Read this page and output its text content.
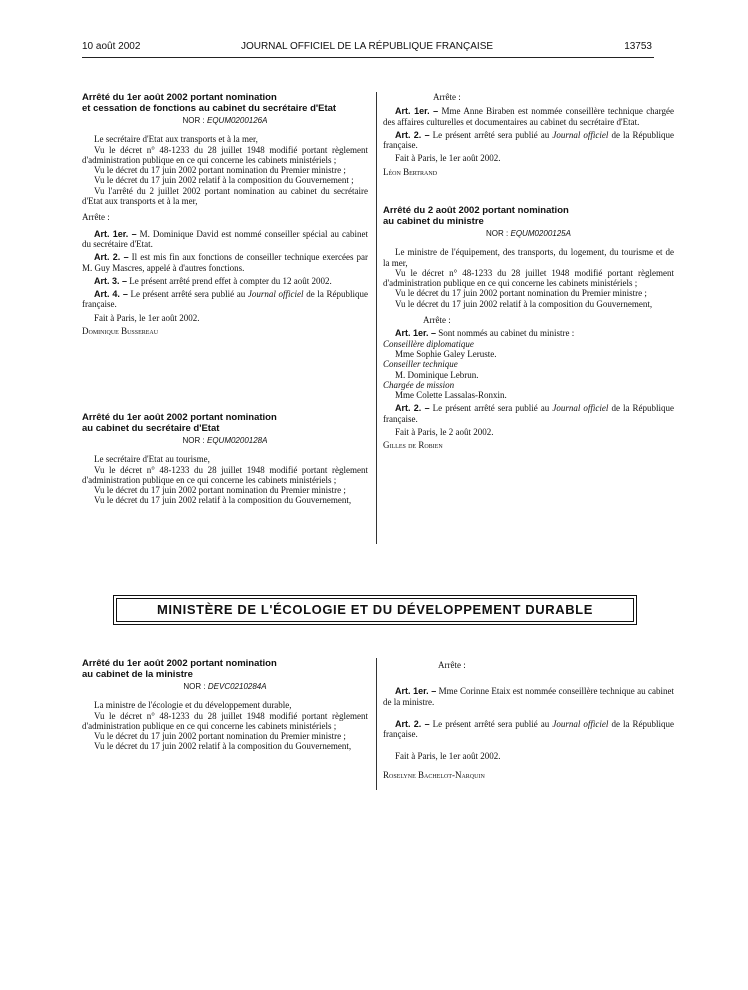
10 août 2002	JOURNAL OFFICIEL DE LA RÉPUBLIQUE FRANÇAISE	13753

Arrêté du 1er août 2002 portant nomination

et cessation de fonctions au cabinet du secrétaire d'Etat

NOR : EQUM0200126A

Le secrétaire d'Etat aux transports et à la mer,

Vu le décret n° 48-1233 du 28 juillet 1948 modifié portant règlement d'administration publique en ce qui concerne les cabinets ministériels ;

Vu le décret du 17 juin 2002 portant nomination du Premier ministre ;

Vu le décret du 17 juin 2002 relatif à la composition du Gouvernement ;

Vu l'arrêté du 2 juillet 2002 portant nomination au cabinet du secrétaire d'Etat aux transports et à la mer,

Arrête :

Art. 1er. – M. Dominique David est nommé conseiller spécial au cabinet du secrétaire d'Etat.

Art. 2. – Il est mis fin aux fonctions de conseiller technique exercées par M. Guy Mascres, appelé à d'autres fonctions.

Art. 3. – Le présent arrêté prend effet à compter du 12 août 2002.

Art. 4. – Le présent arrêté sera publié au Journal officiel de la République française.

Fait à Paris, le 1er août 2002.

Dominique Bussereau

Arrêté du 1er août 2002 portant nomination

au cabinet du secrétaire d'Etat

NOR : EQUM0200128A

Le secrétaire d'Etat au tourisme,

Vu le décret n° 48-1233 du 28 juillet 1948 modifié portant règlement d'administration publique en ce qui concerne les cabinets ministériels ;

Vu le décret du 17 juin 2002 portant nomination du Premier ministre ;

Vu le décret du 17 juin 2002 relatif à la composition du Gouvernement,

Arrête :

Art. 1er. – Mme Anne Biraben est nommée conseillère technique chargée des affaires culturelles et documentaires au cabinet du secrétaire d'Etat.

Art. 2. – Le présent arrêté sera publié au Journal officiel de la République française.

Fait à Paris, le 1er août 2002.

Léon Bertrand

Arrêté du 2 août 2002 portant nomination

au cabinet du ministre

NOR : EQUM0200125A

Le ministre de l'équipement, des transports, du logement, du tourisme et de la mer,

Vu le décret n° 48-1233 du 28 juillet 1948 modifié portant règlement d'administration publique en ce qui concerne les cabinets ministériels ;

Vu le décret du 17 juin 2002 portant nomination du Premier ministre ;

Vu le décret du 17 juin 2002 relatif à la composition du Gouvernement,

Arrête :

Art. 1er. – Sont nommés au cabinet du ministre :

Conseillère diplomatique

Mme Sophie Galey Leruste.

Conseiller technique

M. Dominique Lebrun.

Chargée de mission

Mme Colette Lassalas-Ronxin.

Art. 2. – Le présent arrêté sera publié au Journal officiel de la République française.

Fait à Paris, le 2 août 2002.

Gilles de Robien

MINISTÈRE DE L'ÉCOLOGIE ET DU DÉVELOPPEMENT DURABLE

Arrêté du 1er août 2002 portant nomination

au cabinet de la ministre

NOR : DEVC0210284A

La ministre de l'écologie et du développement durable,

Vu le décret n° 48-1233 du 28 juillet 1948 modifié portant règlement d'administration publique en ce qui concerne les cabinets ministériels ;

Vu le décret du 17 juin 2002 portant nomination du Premier ministre ;

Vu le décret du 17 juin 2002 relatif à la composition du Gouvernement,

Arrête :

Art. 1er. – Mme Corinne Etaix est nommée conseillère technique au cabinet de la ministre.

Art. 2. – Le présent arrêté sera publié au Journal officiel de la République française.

Fait à Paris, le 1er août 2002.

Roselyne Bachelot-Narquin
